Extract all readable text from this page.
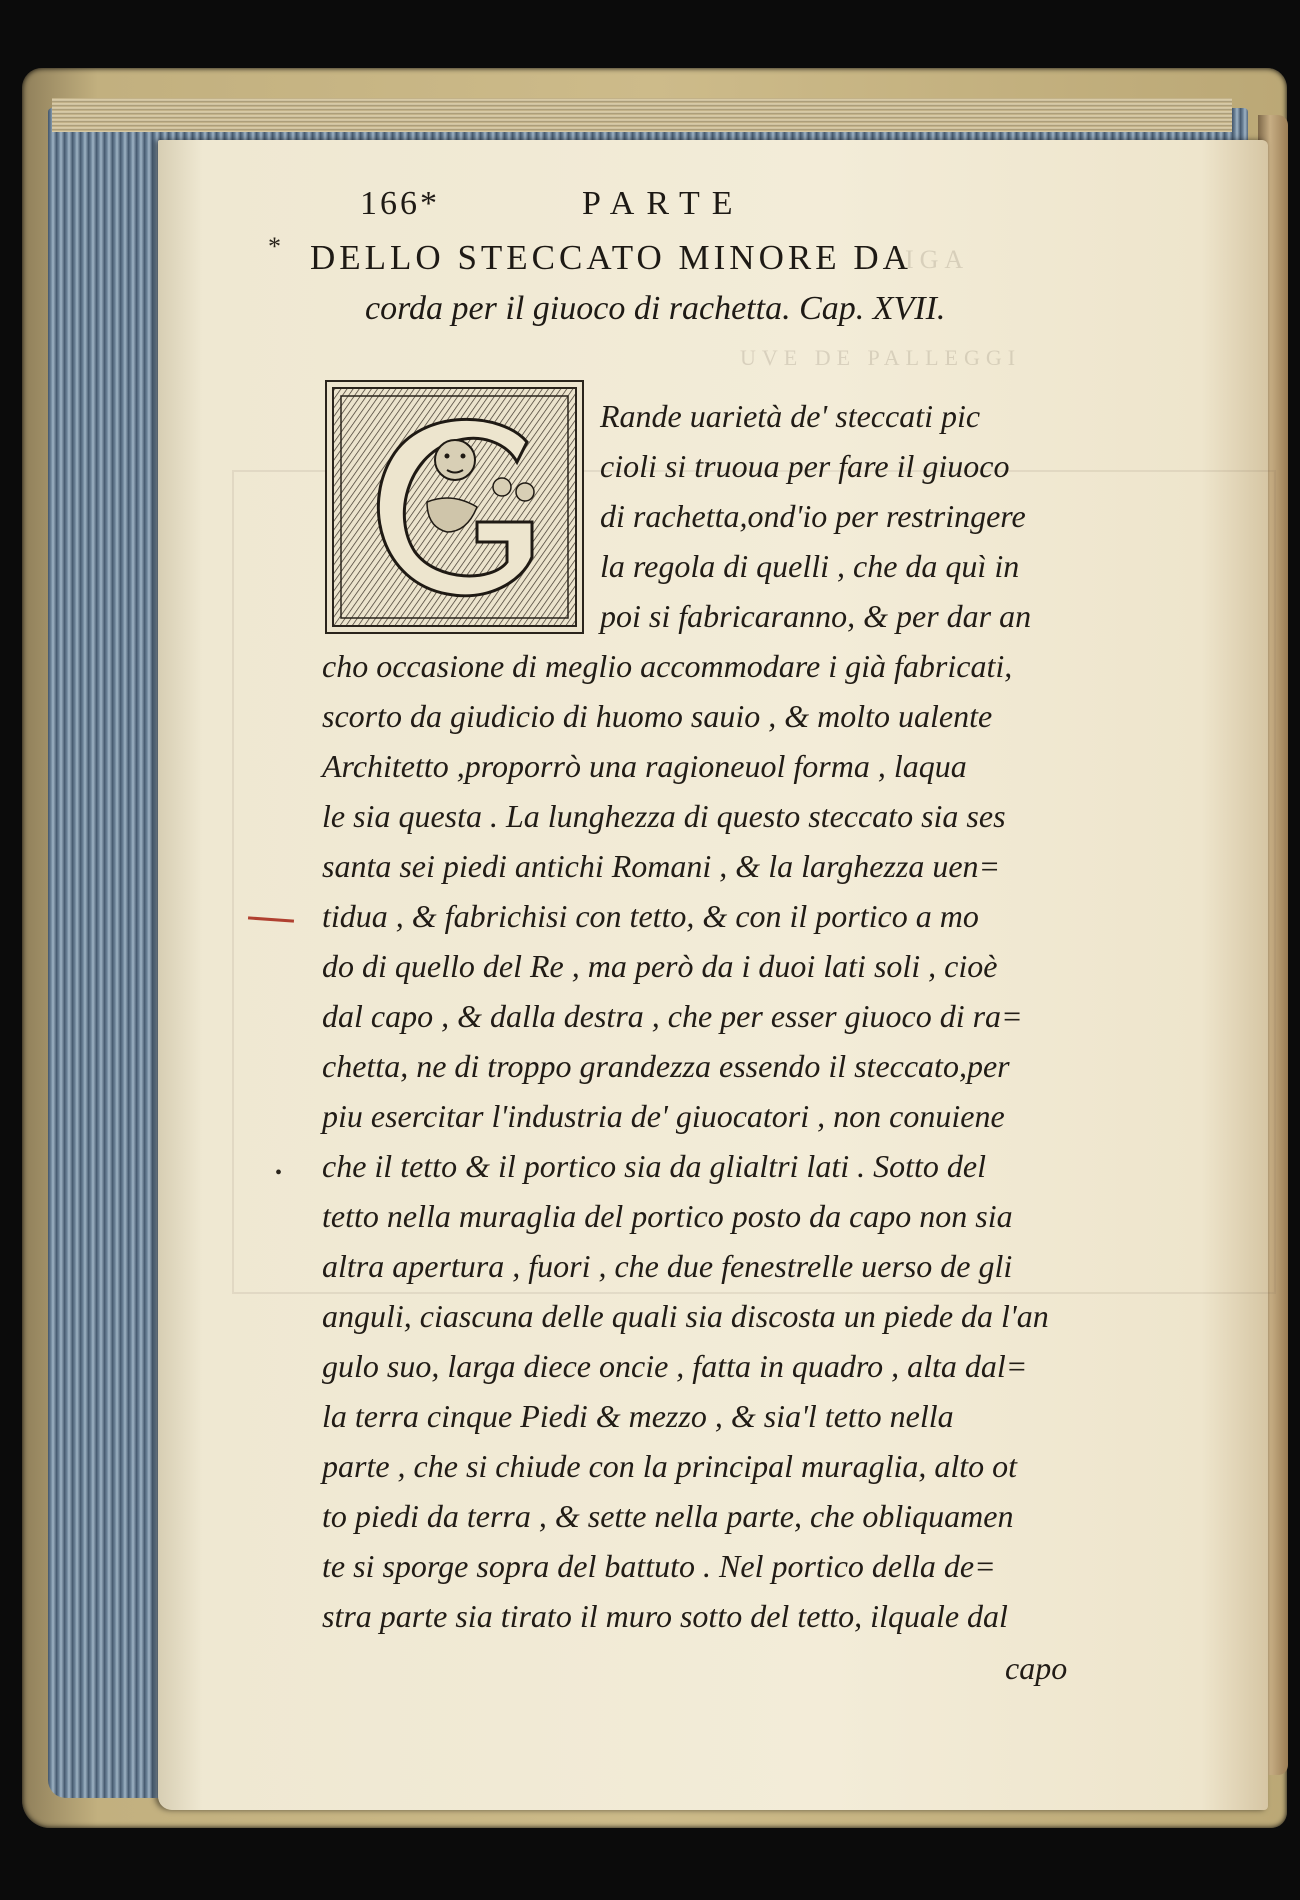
IGA
UVE DE PALLEGGI
166*	PARTE
DELLO STECCATO MINORE DA
corda per il giuoco di rachetta. Cap. XVII.
*
•
Rande uarietà de' steccati pic
cioli si truoua per fare il giuoco
di rachetta,ond'io per restringere
la regola di quelli , che da quì in
poi si fabricaranno, & per dar an
cho occasione di meglio accommodare i già fabricati,
scorto da giudicio di huomo sauio , & molto ualente
Architetto ,proporrò una ragioneuol forma , laqua
le sia questa . La lunghezza di questo steccato sia ses
santa sei piedi antichi Romani , & la larghezza uen=
tidua , & fabrichisi con tetto, & con il portico a mo
do di quello del Re , ma però da i duoi lati soli , cioè
dal capo , & dalla destra , che per esser giuoco di ra=
chetta, ne di troppo grandezza essendo il steccato,per
piu esercitar l'industria de' giuocatori , non conuiene
che il tetto & il portico sia da glialtri lati . Sotto del
tetto nella muraglia del portico posto da capo non sia
altra apertura , fuori , che due fenestrelle uerso de gli
anguli, ciascuna delle quali sia discosta un piede da l'an
gulo suo, larga diece oncie , fatta in quadro , alta dal=
la terra cinque Piedi & mezzo , & sia'l tetto nella
parte , che si chiude con la principal muraglia, alto ot
to piedi da terra , & sette nella parte, che obliquamen
te si sporge sopra del battuto . Nel portico della de=
stra parte sia tirato il muro sotto del tetto, ilquale dal
capo
